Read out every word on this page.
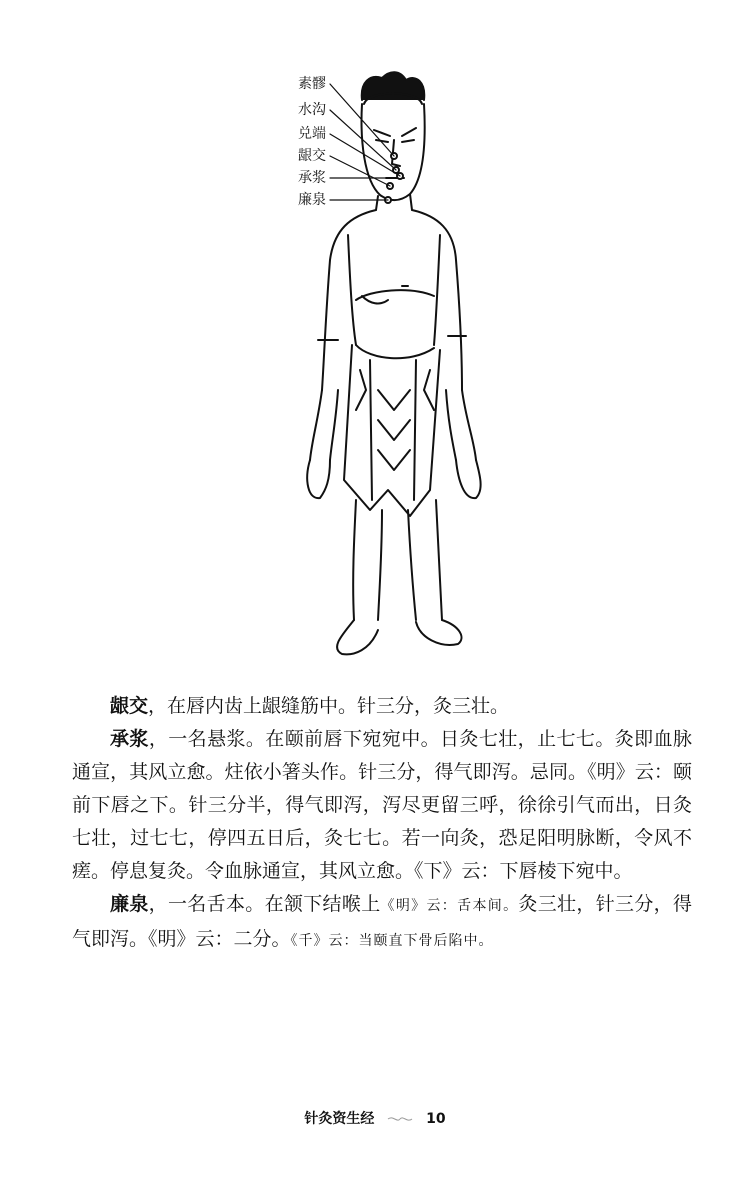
素髎
水沟
兑端
龈交
承浆
廉泉

龈交，在唇内齿上龈缝筋中。针三分，灸三壮。

承浆，一名悬浆。在颐前唇下宛宛中。日灸七壮，止七七。灸即血脉通宣，其风立愈。炷依小箸头作。针三分，得气即泻。忌同。《明》云：颐前下唇之下。针三分半，得气即泻，泻尽更留三呼，徐徐引气而出，日灸七壮，过七七，停四五日后，灸七七。若一向灸，恐足阳明脉断，令风不瘥。停息复灸。令血脉通宣，其风立愈。《下》云：下唇棱下宛中。

廉泉，一名舌本。在颔下结喉上《明》云：舌本间。灸三壮，针三分，得气即泻。《明》云：二分。《千》云：当颐直下骨后陷中。

针灸资生经	10
